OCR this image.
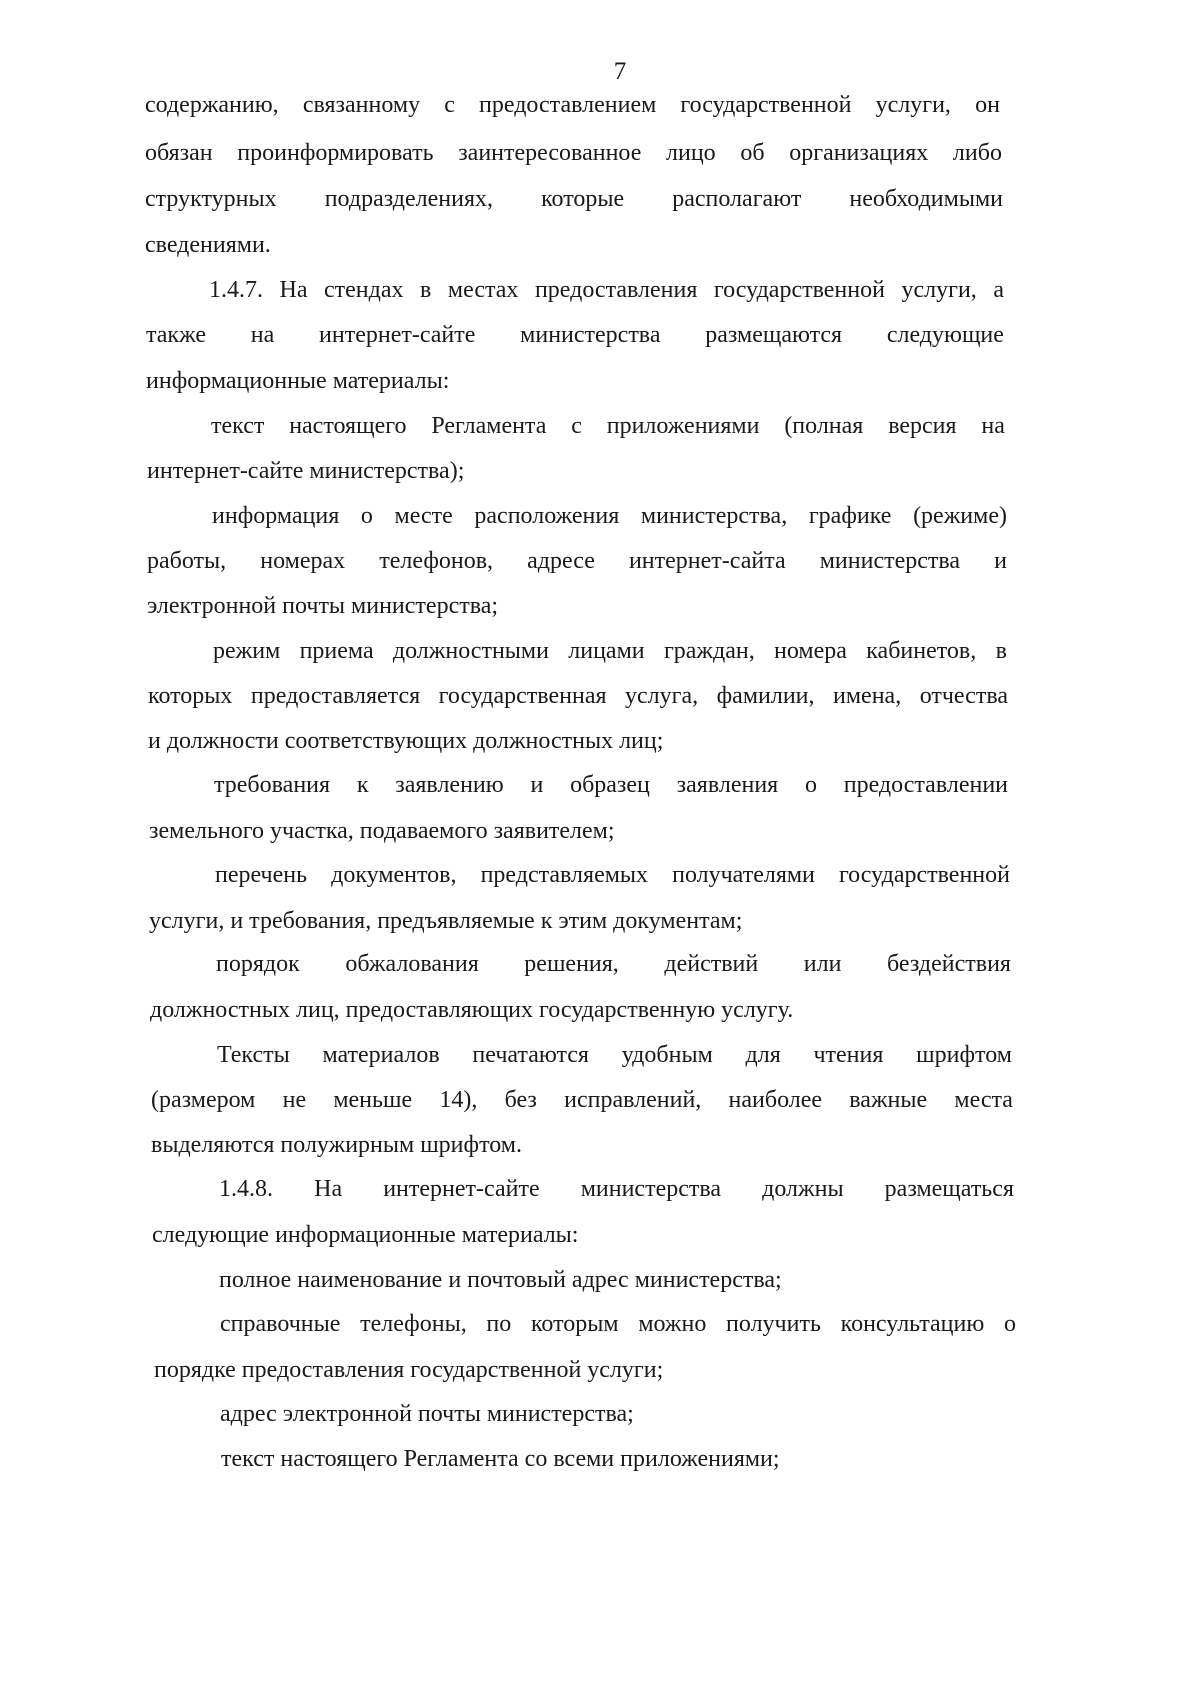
7
содержанию, связанному с предоставлением государственной услуги, он
обязан проинформировать заинтересованное лицо об организациях либо
структурных подразделениях, которые располагают необходимыми
сведениями.
1.4.7. На стендах в местах предоставления государственной услуги, а
также на интернет-сайте министерства размещаются следующие
информационные материалы:
текст настоящего Регламента с приложениями (полная версия на
интернет-сайте министерства);
информация о месте расположения министерства, графике (режиме)
работы, номерах телефонов, адресе интернет-сайта министерства и
электронной почты министерства;
режим приема должностными лицами граждан, номера кабинетов, в
которых предоставляется государственная услуга, фамилии, имена, отчества
и должности соответствующих должностных лиц;
требования к заявлению и образец заявления о предоставлении
земельного участка, подаваемого заявителем;
перечень документов, представляемых получателями государственной
услуги, и требования, предъявляемые к этим документам;
порядок обжалования решения, действий или бездействия
должностных лиц, предоставляющих государственную услугу.
Тексты материалов печатаются удобным для чтения шрифтом
(размером не меньше 14), без исправлений, наиболее важные места
выделяются полужирным шрифтом.
1.4.8. На интернет-сайте министерства должны размещаться
следующие информационные материалы:
полное наименование и почтовый адрес министерства;
справочные телефоны, по которым можно получить консультацию о
порядке предоставления государственной услуги;
адрес электронной почты министерства;
текст настоящего Регламента со всеми приложениями;
